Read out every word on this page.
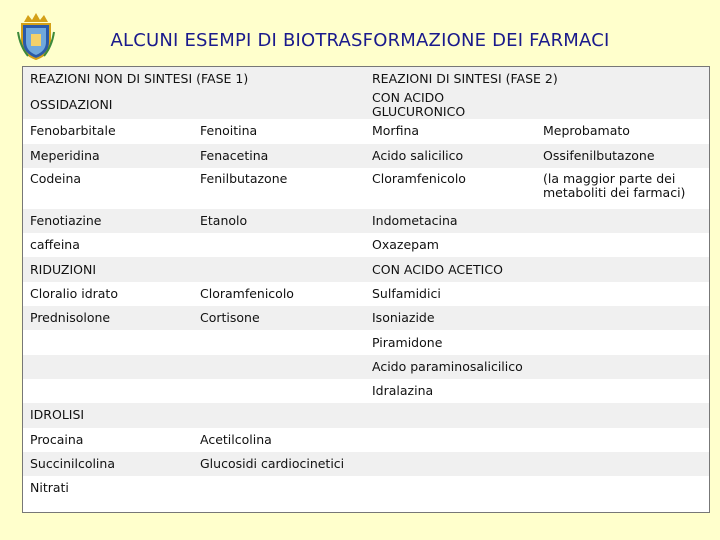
ALCUNI ESEMPI DI BIOTRASFORMAZIONE DEI FARMACI
REAZIONI NON DI SINTESI (FASE 1)		REAZIONI DI SINTESI (FASE 2)	
OSSIDAZIONI		CON ACIDO GLUCURONICO	
Fenobarbitale	Fenoitina	Morfina	Meprobamato
Meperidina	Fenacetina	Acido salicilico	Ossifenilbutazone
Codeina	Fenilbutazone	Cloramfenicolo	(la maggior parte dei metaboliti dei farmaci)
Fenotiazine	Etanolo	Indometacina	
caffeina		Oxazepam	
RIDUZIONI		CON ACIDO ACETICO	
Cloralio idrato	Cloramfenicolo	Sulfamidici	
Prednisolone	Cortisone	Isoniazide	
		Piramidone	
		Acido paraminosalicilico	
		Idralazina	
IDROLISI			
Procaina	Acetilcolina		
Succinilcolina	Glucosidi cardiocinetici		
Nitrati			
